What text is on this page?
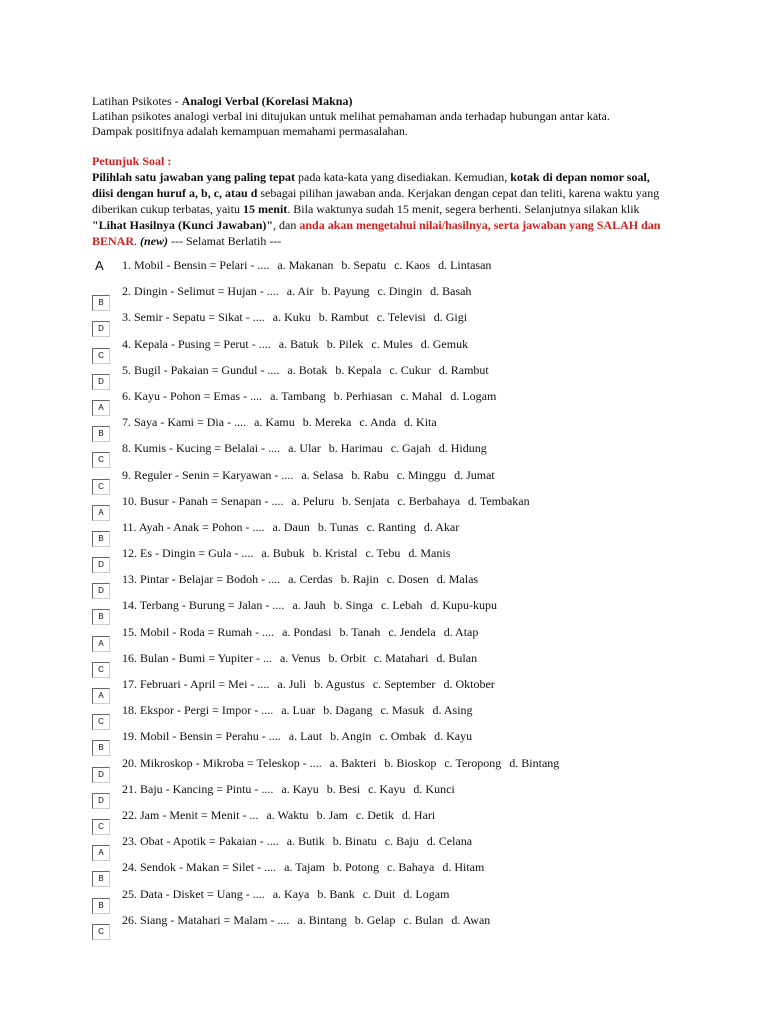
Latihan Psikotes - Analogi Verbal (Korelasi Makna)

Latihan psikotes analogi verbal ini ditujukan untuk melihat pemahaman anda terhadap hubungan antar kata.

Dampak positifnya adalah kemampuan memahami permasalahan.

Petunjuk Soal :

Pilihlah satu jawaban yang paling tepat pada kata-kata yang disediakan. Kemudian, kotak di depan nomor soal, diisi dengan huruf a, b, c, atau d sebagai pilihan jawaban anda. Kerjakan dengan cepat dan teliti, karena waktu yang diberikan cukup terbatas, yaitu 15 menit. Bila waktunya sudah 15 menit, segera berhenti. Selanjutnya silakan klik "Lihat Hasilnya (Kunci Jawaban)", dan anda akan mengetahui nilai/hasilnya, serta jawaban yang SALAH dan BENAR. (new) --- Selamat Berlatih ---

A 1. Mobil - Bensin = Pelari - .... a. Makanan b. Sepatu c. Kaos d. Lintasan
B
2. Dingin - Selimut = Hujan - .... a. Air b. Payung c. Dingin d. Basah
D
3. Semir - Sepatu = Sikat - .... a. Kuku b. Rambut c. Televisi d. Gigi
C
4. Kepala - Pusing = Perut - .... a. Batuk b. Pilek c. Mules d. Gemuk
D
5. Bugil - Pakaian = Gundul - .... a. Botak b. Kepala c. Cukur d. Rambut
A
6. Kayu - Pohon = Emas - .... a. Tambang b. Perhiasan c. Mahal d. Logam
B
7. Saya - Kami = Dia - .... a. Kamu b. Mereka c. Anda d. Kita
C
8. Kumis - Kucing = Belalai - .... a. Ular b. Harimau c. Gajah d. Hidung
C
9. Reguler - Senin = Karyawan - .... a. Selasa b. Rabu c. Minggu d. Jumat
A
10. Busur - Panah = Senapan - .... a. Peluru b. Senjata c. Berbahaya d. Tembakan
B
11. Ayah - Anak = Pohon - .... a. Daun b. Tunas c. Ranting d. Akar
D
12. Es - Dingin = Gula - .... a. Bubuk b. Kristal c. Tebu d. Manis
D
13. Pintar - Belajar = Bodoh - .... a. Cerdas b. Rajin c. Dosen d. Malas
B
14. Terbang - Burung = Jalan - .... a. Jauh b. Singa c. Lebah d. Kupu-kupu
A
15. Mobil - Roda = Rumah - .... a. Pondasi b. Tanah c. Jendela d. Atap
C
16. Bulan - Bumi = Yupiter - ... a. Venus b. Orbit c. Matahari d. Bulan
A
17. Februari - April = Mei - .... a. Juli b. Agustus c. September d. Oktober
C
18. Ekspor - Pergi = Impor - .... a. Luar b. Dagang c. Masuk d. Asing
B
19. Mobil - Bensin = Perahu - .... a. Laut b. Angin c. Ombak d. Kayu
D
20. Mikroskop - Mikroba = Teleskop - .... a. Bakteri b. Bioskop c. Teropong d. Bintang
D
21. Baju - Kancing = Pintu - .... a. Kayu b. Besi c. Kayu d. Kunci
C
22. Jam - Menit = Menit - ... a. Waktu b. Jam c. Detik d. Hari
A
23. Obat - Apotik = Pakaian - .... a. Butik b. Binatu c. Baju d. Celana
B
24. Sendok - Makan = Silet - .... a. Tajam b. Potong c. Bahaya d. Hitam
B
25. Data - Disket = Uang - .... a. Kaya b. Bank c. Duit d. Logam
C
26. Siang - Matahari = Malam - .... a. Bintang b. Gelap c. Bulan d. Awan
